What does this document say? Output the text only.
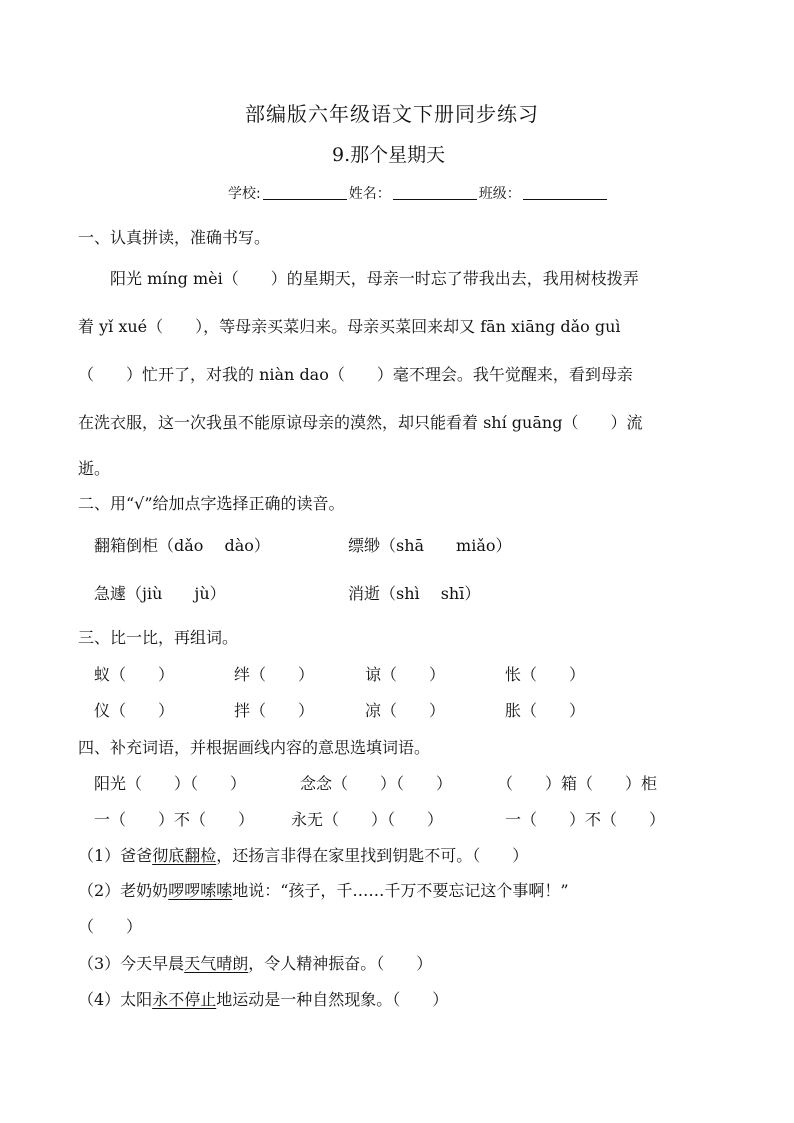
部编版六年级语文下册同步练习
9.那个星期天
学校:	姓名：	班级：
一、认真拼读，准确书写。
阳光 míng mèi（　　）的星期天，母亲一时忘了带我出去，我用树枝拨弄
着 yǐ xué（　　），等母亲买菜归来。母亲买菜回来却又 fān xiāng dǎo guì
（　　）忙开了，对我的 niàn dao（　　）毫不理会。我午觉醒来，看到母亲
在洗衣服，这一次我虽不能原谅母亲的漠然，却只能看着 shí guāng（　　）流
逝。
二、用“√”给加点字选择正确的读音。
翻箱倒柜（dǎo　 dào）	缥缈（shā　　miǎo）
急遽（jiù　　jù）	消逝（shì　 shī）
三、比一比，再组词。
蚁（　　）	绊（　　）	谅（　　）	怅（　　）
仪（　　）	拌（　　）	凉（　　）	胀（　　）
四、补充词语，并根据画线内容的意思选填词语。
阳光（　　）（　　）	念念（　　）（　　）	（　　）箱（　　）柜
一（　　）不（　　） 永无（　　）（　　）	一（　　）不（　　）
（1）爸爸彻底翻检，还扬言非得在家里找到钥匙不可。（　　）
（2）老奶奶啰啰嗦嗦地说：“孩子，千……千万不要忘记这个事啊！”
（　　）
（3）今天早晨天气晴朗，令人精神振奋。（　　）
（4）太阳永不停止地运动是一种自然现象。（　　）
